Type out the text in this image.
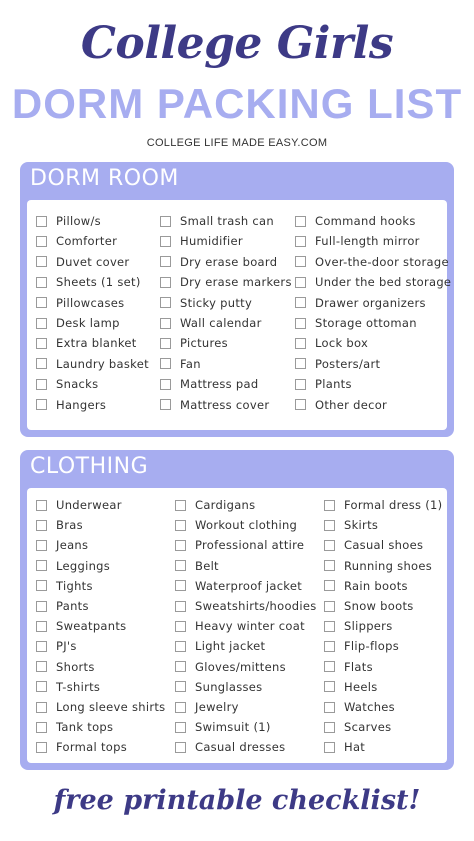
College Girls
DORM PACKING LIST
COLLEGE LIFE MADE EASY.COM
DORM ROOM
Pillow/s
Comforter
Duvet cover
Sheets (1 set)
Pillowcases
Desk lamp
Extra blanket
Laundry basket
Snacks
Hangers
Small trash can
Humidifier
Dry erase board
Dry erase markers
Sticky putty
Wall calendar
Pictures
Fan
Mattress pad
Mattress cover
Command hooks
Full-length mirror
Over-the-door storage
Under the bed storage
Drawer organizers
Storage ottoman
Lock box
Posters/art
Plants
Other decor
CLOTHING
Underwear
Bras
Jeans
Leggings
Tights
Pants
Sweatpants
PJ's
Shorts
T-shirts
Long sleeve shirts
Tank tops
Formal tops
Cardigans
Workout clothing
Professional attire
Belt
Waterproof jacket
Sweatshirts/hoodies
Heavy winter coat
Light jacket
Gloves/mittens
Sunglasses
Jewelry
Swimsuit (1)
Casual dresses
Formal dress (1)
Skirts
Casual shoes
Running shoes
Rain boots
Snow boots
Slippers
Flip-flops
Flats
Heels
Watches
Scarves
Hat
free printable checklist!
